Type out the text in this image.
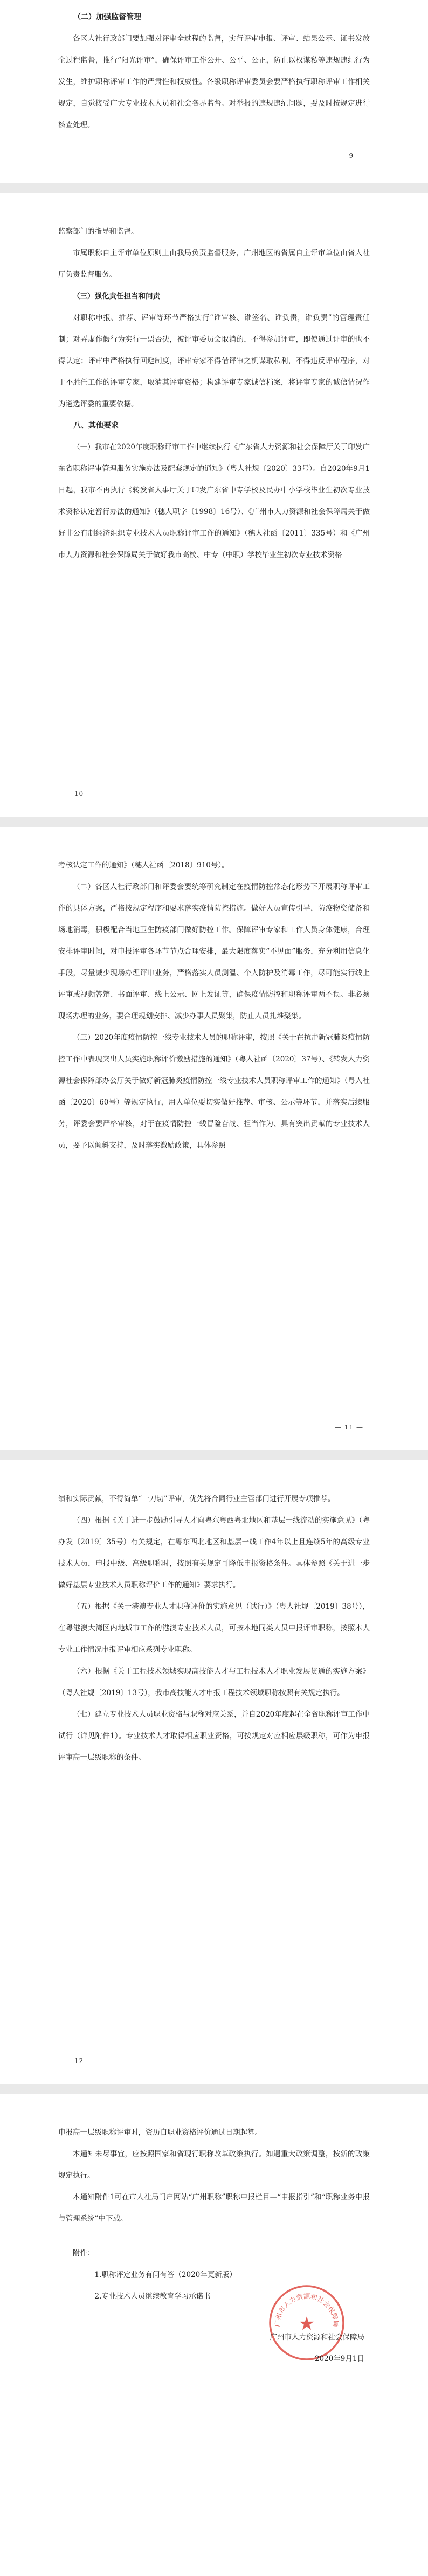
（二）加强监督管理

各区人社行政部门要加强对评审全过程的监督，实行评审申报、评审、结果公示、证书发放全过程监督，推行“阳光评审”，确保评审工作公开、公平、公正，防止以权谋私等违规违纪行为发生，维护职称评审工作的严肃性和权威性。各级职称评审委员会要严格执行职称评审工作相关规定，自觉接受广大专业技术人员和社会各界监督。对举报的违规违纪问题，要及时按规定进行核查处理。

— 9 —

监察部门的指导和监督。

市属职称自主评审单位原则上由我局负责监督服务，广州地区的省属自主评审单位由省人社厅负责监督服务。

（三）强化责任担当和问责

对职称申报、推荐、评审等环节严格实行“谁审核、谁签名、谁负责，谁负责”的管理责任制；对弄虚作假行为实行一票否决，被评审委员会取消的，不得参加评审，即使通过评审的也不得认定；评审中严格执行回避制度，评审专家不得借评审之机谋取私利，不得违反评审程序，对于不胜任工作的评审专家，取消其评审资格；构建评审专家诚信档案，将评审专家的诚信情况作为遴选评委的重要依据。

八、其他要求

（一）我市在2020年度职称评审工作中继续执行《广东省人力资源和社会保障厅关于印发广东省职称评审管理服务实施办法及配套规定的通知》（粤人社规〔2020〕33号）。自2020年9月1日起，我市不再执行《转发省人事厅关于印发广东省中专学校及民办中小学校毕业生初次专业技术资格认定暂行办法的通知》（穗人职字〔1998〕16号）、《广州市人力资源和社会保障局关于做好非公有制经济组织专业技术人员职称评审工作的通知》（穗人社函〔2011〕335号）和《广州市人力资源和社会保障局关于做好我市高校、中专（中职）学校毕业生初次专业技术资格

— 10 —

考核认定工作的通知》（穗人社函〔2018〕910号）。

（二）各区人社行政部门和评委会要统筹研究制定在疫情防控常态化形势下开展职称评审工作的具体方案，严格按规定程序和要求落实疫情防控措施。做好人员宣传引导，防疫物资储备和场地消毒，积极配合当地卫生防疫部门做好防控工作。保障评审专家和工作人员身体健康，合理安排评审时间，对申报评审各环节节点合理安排，最大限度落实“不见面”服务，充分利用信息化手段，尽量减少现场办理评审业务，严格落实人员测温、个人防护及消毒工作，尽可能实行线上评审或视频答辩、书面评审、线上公示、网上发证等，确保疫情防控和职称评审两不误。非必须现场办理的业务，要合理规划安排、减少办事人员聚集，防止人员扎堆聚集。

（三）2020年度疫情防控一线专业技术人员的职称评审，按照《关于在抗击新冠肺炎疫情防控工作中表现突出人员实施职称评价激励措施的通知》（粤人社函〔2020〕37号）、《转发人力资源社会保障部办公厅关于做好新冠肺炎疫情防控一线专业技术人员职称评审工作的通知》（粤人社函〔2020〕60号）等规定执行，用人单位要切实做好推荐、审核、公示等环节，并落实后续服务，评委会要严格审核，对于在疫情防控一线冒险奋战、担当作为、具有突出贡献的专业技术人员，要予以倾斜支持，及时落实激励政策，具体参照

— 11 —

绩和实际贡献，不得简单“一刀切”评审，优先将合同行业主管部门进行开展专项推荐。

（四）根据《关于进一步鼓励引导人才向粤东粤西粤北地区和基层一线流动的实施意见》（粤办发〔2019〕35号）有关规定，在粤东西北地区和基层一线工作4年以上且连续5年的高级专业技术人员，申报中级、高级职称时，按照有关规定可降低申报资格条件。具体参照《关于进一步做好基层专业技术人员职称评价工作的通知》要求执行。

（五）根据《关于港澳专业人才职称评价的实施意见（试行）》（粤人社规〔2019〕38号），在粤港澳大湾区内地城市工作的港澳专业技术人员，可按本地同类人员申报评审职称，按照本人专业工作情况申报评审相应系列专业职称。

（六）根据《关于工程技术领域实现高技能人才与工程技术人才职业发展贯通的实施方案》（粤人社规〔2019〕13号），我市高技能人才申报工程技术领域职称按照有关规定执行。

（七）建立专业技术人员职业资格与职称对应关系，并自2020年度起在全省职称评审工作中试行（详见附件1）。专业技术人才取得相应职业资格，可按规定对应相应层级职称，可作为申报评审高一层级职称的条件。

— 12 —

申报高一层级职称评审时，资历自职业资格评价通过日期起算。

本通知未尽事宜，应按照国家和省现行职称改革政策执行。如遇重大政策调整，按新的政策规定执行。

本通知附件1可在市人社局门户网站“广州职称”职称申报栏目—“申报指引”和“职称业务申报与管理系统”中下载。

附件：

1.职称评定业务有问有答（2020年更新版）

2.专业技术人员继续教育学习承诺书

★
广州市人力资源和社会保障局
广州市人力资源和社会保障局
2020年9月1日
